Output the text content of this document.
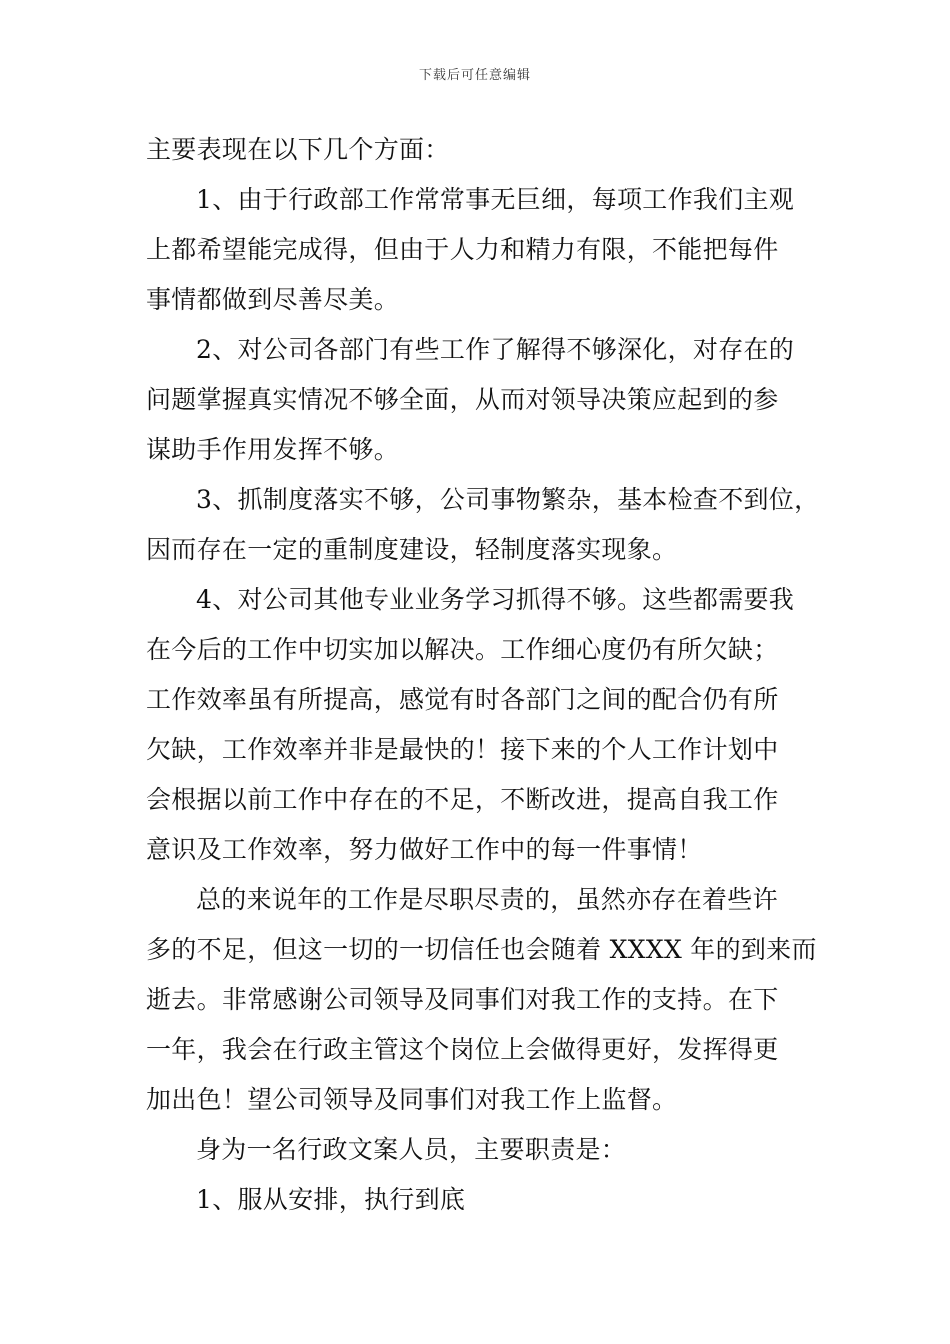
下载后可任意编辑
主要表现在以下几个方面：
1、由于行政部工作常常事无巨细，每项工作我们主观
上都希望能完成得，但由于人力和精力有限，不能把每件
事情都做到尽善尽美。
2、对公司各部门有些工作了解得不够深化，对存在的
问题掌握真实情况不够全面，从而对领导决策应起到的参
谋助手作用发挥不够。
3、抓制度落实不够，公司事物繁杂，基本检查不到位，
因而存在一定的重制度建设，轻制度落实现象。
4、对公司其他专业业务学习抓得不够。这些都需要我
在今后的工作中切实加以解决。工作细心度仍有所欠缺；
工作效率虽有所提高，感觉有时各部门之间的配合仍有所
欠缺，工作效率并非是最快的！接下来的个人工作计划中
会根据以前工作中存在的不足，不断改进，提高自我工作
意识及工作效率，努力做好工作中的每一件事情！
总的来说年的工作是尽职尽责的，虽然亦存在着些许
多的不足，但这一切的一切信任也会随着 XXXX 年的到来而
逝去。非常感谢公司领导及同事们对我工作的支持。在下
一年，我会在行政主管这个岗位上会做得更好，发挥得更
加出色！望公司领导及同事们对我工作上监督。
身为一名行政文案人员，主要职责是：
1、服从安排，执行到底
